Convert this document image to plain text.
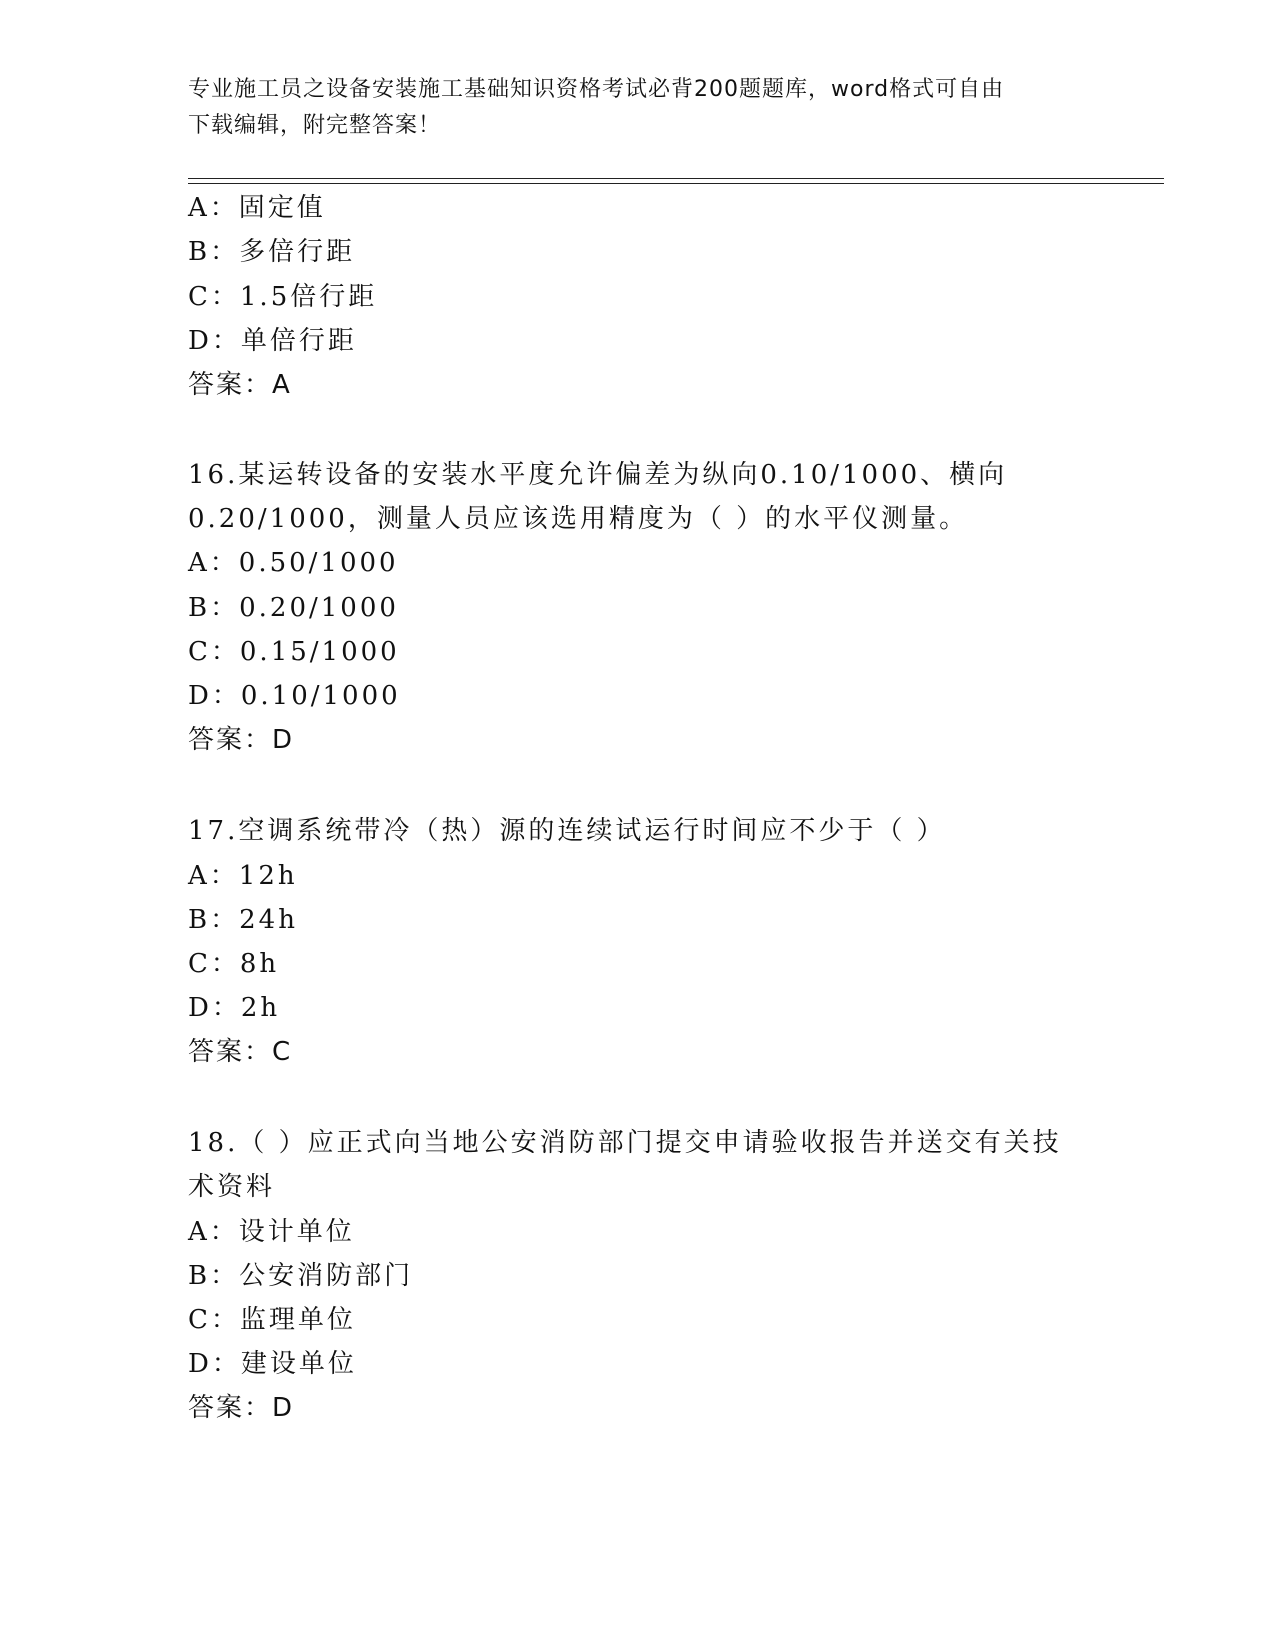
专业施工员之设备安装施工基础知识资格考试必背200题题库，word格式可自由
下载编辑，附完整答案！
A：固定值
B：多倍行距
C：1.5倍行距
D：单倍行距
答案：A
16.某运转设备的安装水平度允许偏差为纵向0.10/1000、横向
0.20/1000，测量人员应该选用精度为（ ）的水平仪测量。
A：0.50/1000
B：0.20/1000
C：0.15/1000
D：0.10/1000
答案：D
17.空调系统带冷（热）源的连续试运行时间应不少于（ ）
A：12h
B：24h
C：8h
D：2h
答案：C
18.（ ）应正式向当地公安消防部门提交申请验收报告并送交有关技
术资料
A：设计单位
B：公安消防部门
C：监理单位
D：建设单位
答案：D
